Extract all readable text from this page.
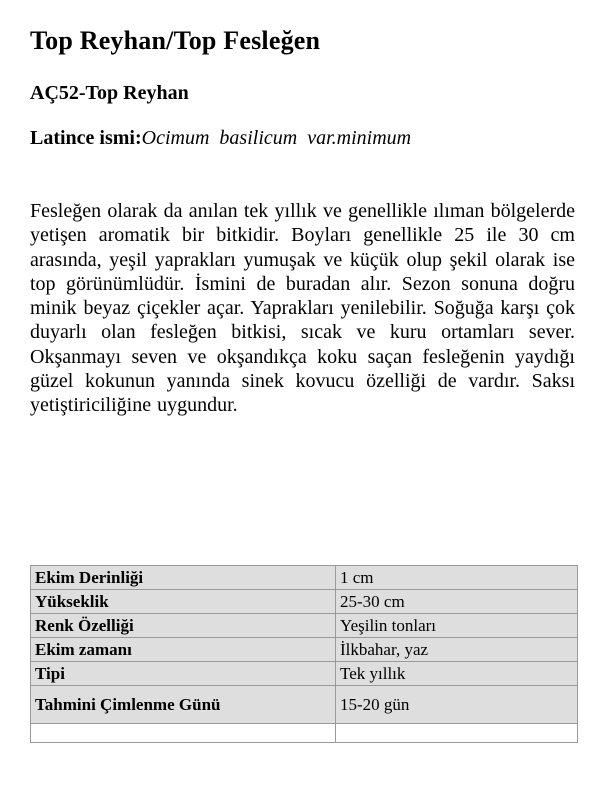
Top Reyhan/Top Fesleğen
AÇ52-Top Reyhan
Latince ismi:Ocimum basilicum var.minimum
Fesleğen olarak da anılan tek yıllık ve genellikle ılıman bölgelerde yetişen aromatik bir bitkidir. Boyları genellikle 25 ile 30 cm arasında, yeşil yaprakları yumuşak ve küçük olup şekil olarak ise top görünümlüdür. İsmini de buradan alır. Sezon sonuna doğru minik beyaz çiçekler açar. Yaprakları yenilebilir. Soğuğa karşı çok duyarlı olan fesleğen bitkisi, sıcak ve kuru ortamları sever. Okşanmayı seven ve okşandıkça koku saçan fesleğenin yaydığı güzel kokunun yanında sinek kovucu özelliği de vardır. Saksı yetiştiriciliğine uygundur.
Ekim Derinliği	1 cm
Yükseklik	25-30 cm
Renk Özelliği	Yeşilin tonları
Ekim zamanı	İlkbahar, yaz
Tipi	Tek yıllık
Tahmini Çimlenme Günü	15-20 gün
